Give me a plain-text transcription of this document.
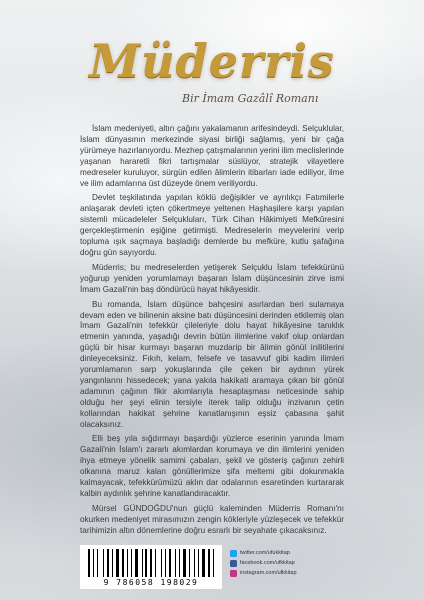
Müderris
Bir İmam Gazâlî Romanı

İslam medeniyeti, altın çağını yakalamanın arifesindeydi. Selçuklular, İslam dünyasının merkezinde siyasi birliği sağlamış, yeni bir çağa yürümeye hazırlanıyordu. Mezhep çatışmalarının yerini ilim meclislerinde yaşanan hararetli fikri tartışmalar süslüyor, stratejik vilayetlere medreseler kuruluyor, sürgün edilen âlimlerin itibarları iade ediliyor, ilme ve ilim adamlarına üst düzeyde önem veriliyordu.

Devlet teşkilatında yapılan köklü değişikler ve ayrılıkçı Fatımilerle anlaşarak devleti içten çökertmeye yeltenen Haşhaşilere karşı yapılan sistemli mücadeleler Selçukluları, Türk Cihan Hâkimiyeti Mefkûresini gerçekleştirmenin eşiğine getirmişti. Medreselerin meyvelerini verip topluma ışık saçmaya başladığı demlerde bu mefküre, kutlu şafağına doğru gün sayıyordu.

Müderris; bu medreselerden yetişerek Selçuklu İslam tefekkürünü yoğurup yeniden yorumlamayı başaran İslam düşüncesinin zirve ismi İmam Gazali'nin baş döndürücü hayat hikâyesidir.

Bu romanda, İslam düşünce bahçesini asırlardan beri sulamaya devam eden ve bilinenin aksine batı düşüncesini derinden etkilemiş olan İmam Gazali'nin tefekkür çileleriyle dolu hayat hikâyesine tanıklık etmenin yanında, yaşadığı devrin bütün ilimlerine vakıf olup onlardan güçlü bir hisar kurmayı başaran muzdarip bir âlimin gönül inilitilerini dinleyeceksiniz. Fıkıh, kelam, felsefe ve tasavvuf gibi kadim ilimleri yorumlamanın sarp yokuşlarında çile çeken bir aydının yürek yangınlarını hissedecek; yana yakıla hakikati aramaya çıkan bir gönül adamının çağının fikir akımlarıyla hesaplaşması neticesinde sahip olduğu her şeyi elinin tersiyle iterek talip olduğu inzivanın çetin kollarından hakikat şehrine kanatlanışının eşsiz çabasına şahit olacaksınız.

Elli beş yıla sığdırmayı başardığı yüzlerce eserinin yanında İmam Gazali'nin İslam'ı zararlı akımlardan korumaya ve din ilimlerini yeniden ihya etmeye yönelik samimi çabaları, şekil ve gösteriş çağının zehirli olkanına maruz kalan gönüllerimize şifa meltemi gibi dokunmakla kalmayacak, tefekkürümüzü aklın dar odalarının esaretinden kurtararak kalbin aydınlık şehrine kanatlandıracaktır.

Mürsel GÜNDOĞDU'nun güçlü kaleminden Müderris Romanı'nı okurken medeniyet mirasımızın zengin kökleriyle yüzleşecek ve tefekkür tarihimizin altın dönemlerine doğru esrarlı bir seyahate çıkacaksınız.

9 786058 198029
twitter.com/ufukkitap
facebook.com/ufkkitap
instagram.com/ufkkitap
